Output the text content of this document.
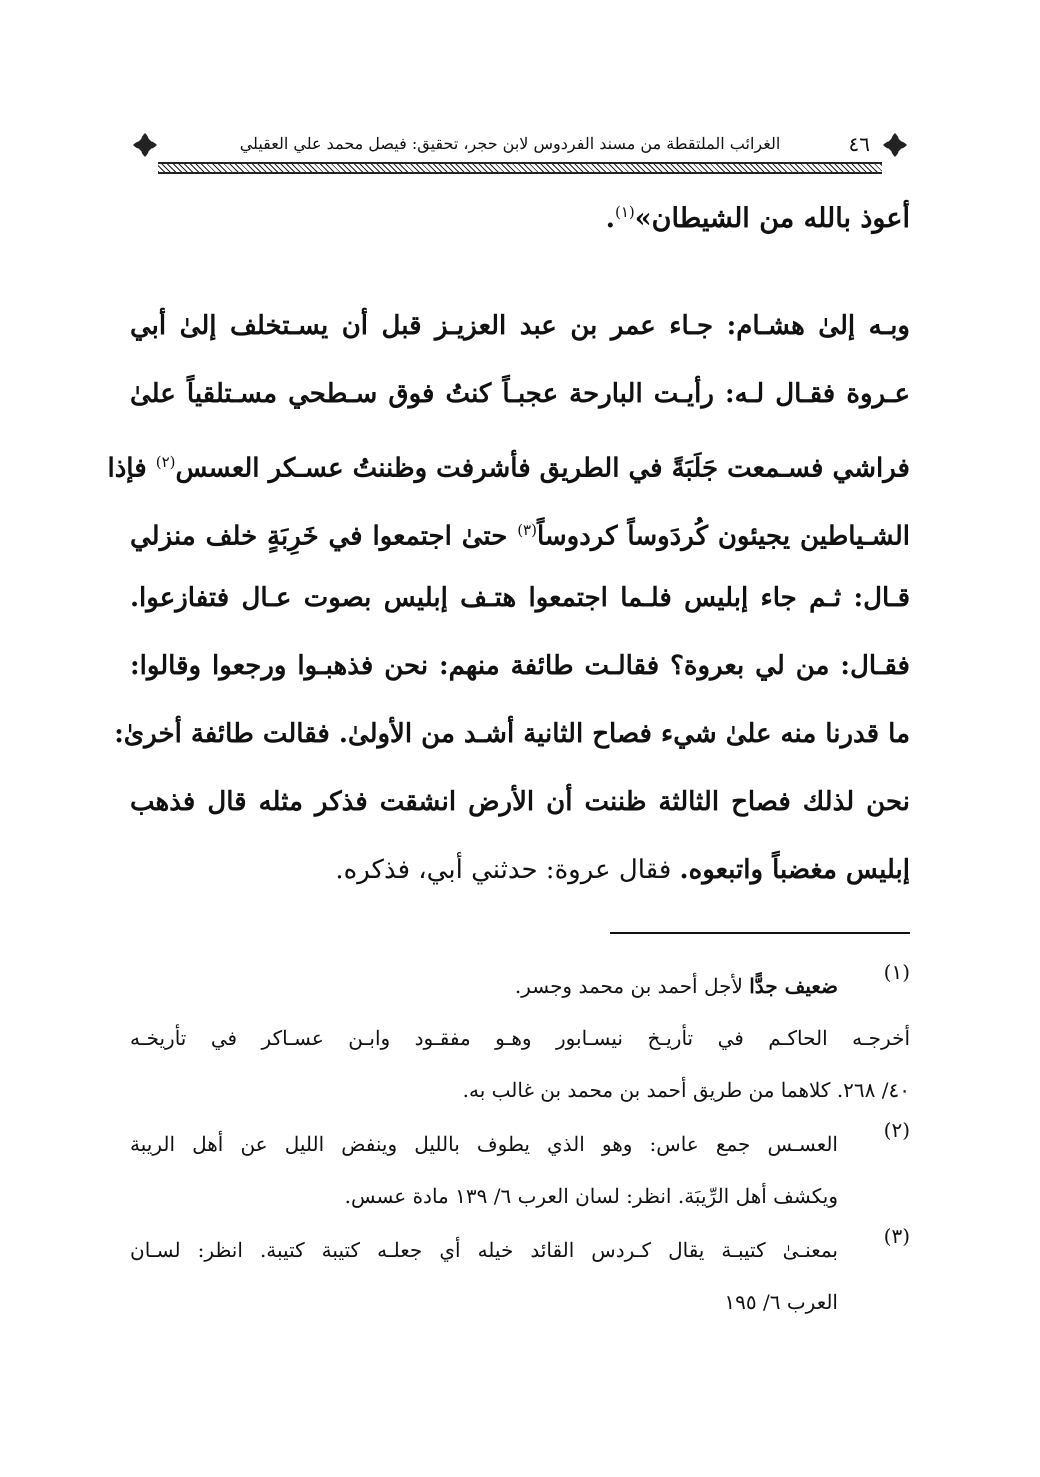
٤٦
الغرائب الملتقطة من مسند الفردوس لابن حجر، تحقيق: فيصل محمد علي العقيلي
أعوذ بالله من الشيطان»$^{(١)}$.
وبـه إلىٰ هشـام: جـاء عمر بن عبد العزيـز قبل أن يسـتخلف إلىٰ أبي
عـروة فقـال لـه: رأيـت البارحة عجبـاً كنتُ فوق سـطحي مسـتلقياً علىٰ
فراشي فسـمعت جَلَبَةً في الطريق فأشرفت وظننتُ عسـكر العسس$^{(٢)}$ فإذا
الشـياطين يجيئون كُردَوساً كردوساً$^{(٣)}$ حتىٰ اجتمعوا في خَرِبَةٍ خلف منزلي
قـال: ثـم جاء إبليس فلـما اجتمعوا هتـف إبليس بصوت عـال فتفازعوا.
فقـال: من لي بعروة؟ فقالـت طائفة منهم: نحن فذهبـوا ورجعوا وقالوا:
ما قدرنا منه علىٰ شيء فصاح الثانية أشـد من الأولىٰ. فقالت طائفة أخرىٰ:
نحن لذلك فصاح الثالثة ظننت أن الأرض انشقت فذكر مثله قال فذهب
إبليس مغضباً واتبعوه. فقال عروة: حدثني أبي، فذكره.
(١)
ضعيف جدًّا لأجل أحمد بن محمد وجسر.
أخرجـه الحاكـم في تأريـخ نيسـابور وهـو مفقـود وابـن عسـاكر في تأريخـه
٤٠/ ٢٦٨. كلاهما من طريق أحمد بن محمد بن غالب به.
(٢)
العسـس جمع عاس: وهو الذي يطوف بالليل وينفض الليل عن أهل الريبة
ويكشف أهل الرِّيبَة. انظر: لسان العرب ٦/ ١٣٩ مادة عسس.
(٣)
بمعنـىٰ كتيبـة يقال كـردس القائد خيله أي جعلـه كتيبة كتيبة. انظر: لسـان
العرب ٦/ ١٩٥
